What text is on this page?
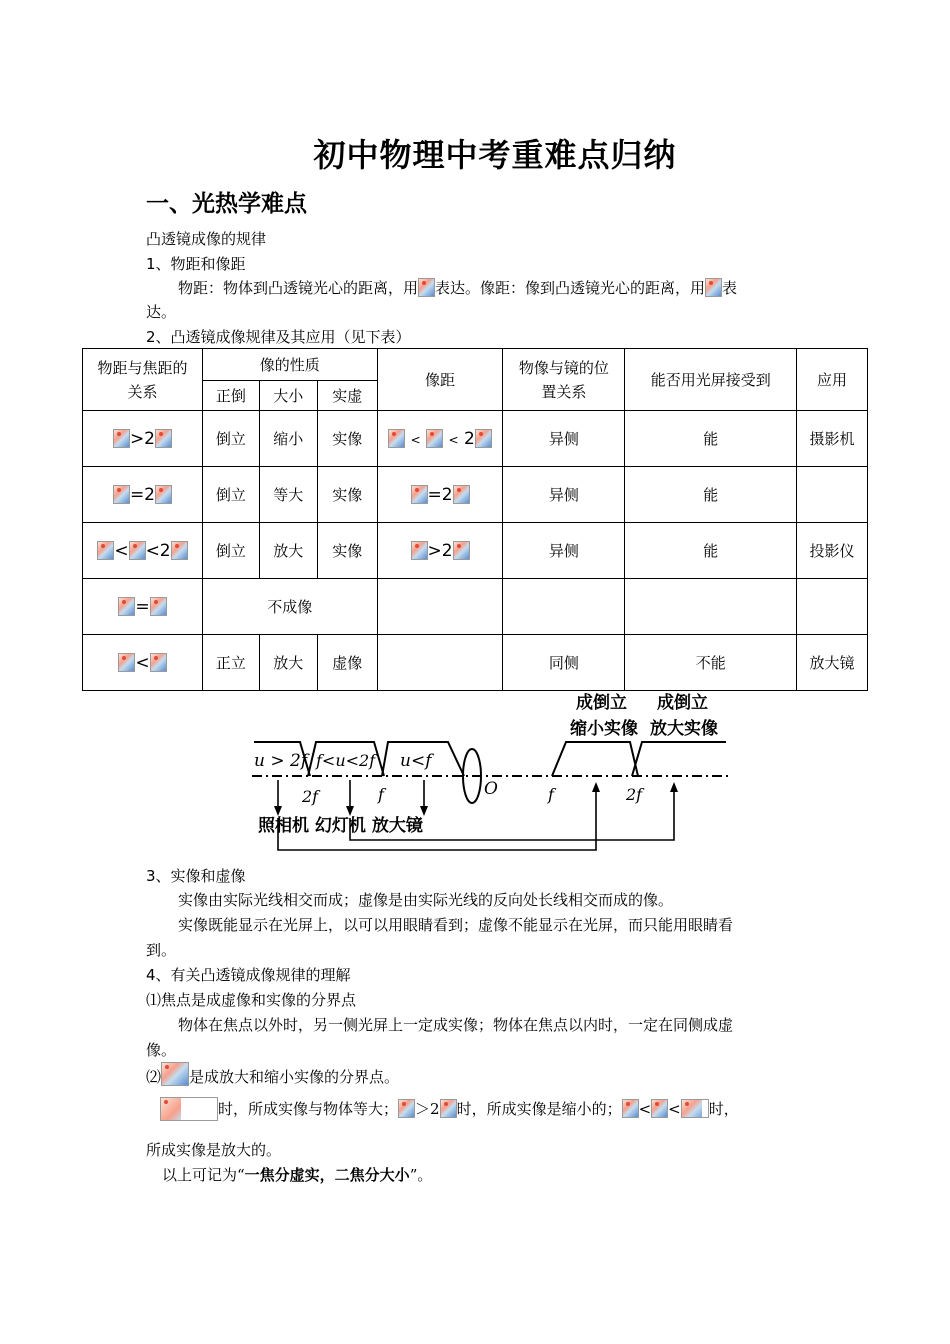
初中物理中考重难点归纳
一、光热学难点
凸透镜成像的规律
1、物距和像距
物距：物体到凸透镜光心的距离，用 表达。像距：像到凸透镜光心的距离，用 表
达。
2、凸透镜成像规律及其应用（见下表）
物距与焦距的关系	像的性质			像距	物像与镜的位置关系	能否用光屏接受到	应用
	正倒	大小	实虚				
>2	倒立	缩小	实像	< < 2	异侧	能	摄影机
=2	倒立	等大	实像	=2	异侧	能	
< <2	倒立	放大	实像	>2	异侧	能	投影仪
=	不成像						
<	正立	放大	虚像		同侧	不能	放大镜
成倒立
缩小实像
成倒立
放大实像
u > 2f f<u<2f u<f
2f	f	O	f	2f
照相机 幻灯机 放大镜
3、实像和虚像
实像由实际光线相交而成；虚像是由实际光线的反向处长线相交而成的像。
实像既能显示在光屏上，以可以用眼睛看到；虚像不能显示在光屏，而只能用眼睛看
到。
4、有关凸透镜成像规律的理解
⑴焦点是成虚像和实像的分界点
物体在焦点以外时，另一侧光屏上一定成实像；物体在焦点以内时，一定在同侧成虚
像。
⑵ 是成放大和缩小实像的分界点。
时，所成实像与物体等大； ＞2 时，所成实像是缩小的； < < 时，
所成实像是放大的。
以上可记为“一焦分虚实，二焦分大小”。
